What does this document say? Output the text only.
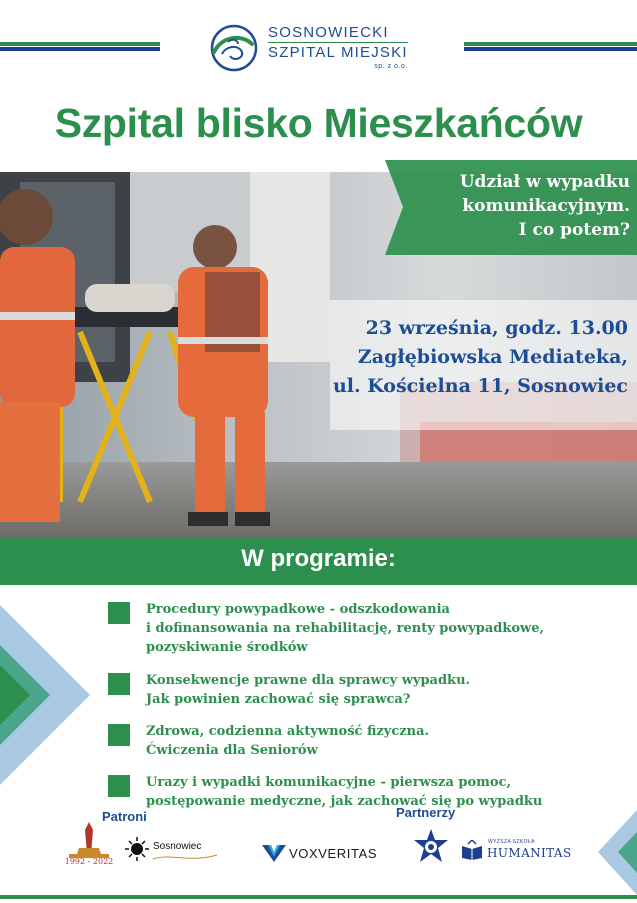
SOSNOWIECKI
SZPITAL MIEJSKI
sp. z o.o.
Szpital blisko Mieszkańców
Udział w wypadku
komunikacyjnym.
I co potem?
23 września, godz. 13.00
Zagłębiowska Mediateka,
ul. Kościelna 11, Sosnowiec
W programie:
Procedury powypadkowe - odszkodowania
i dofinansowania na rehabilitację, renty powypadkowe,
pozyskiwanie środków
Konsekwencje prawne dla sprawcy wypadku.
Jak powinien zachować się sprawca?
Zdrowa, codzienna aktywność fizyczna.
Ćwiczenia dla Seniorów
Urazy i wypadki komunikacyjne - pierwsza pomoc,
postępowanie medyczne, jak zachować się po wypadku
Patroni	Partnerzy
1992 - 2022
Sosnowiec	VOXVERITAS
WYŻSZA SZKOŁA
HUMANITAS
